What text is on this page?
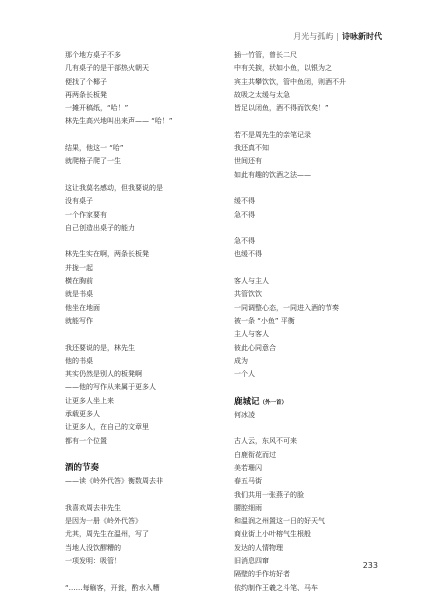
月光与孤屿 | 诗咏新时代
那个地方桌子不多
几有桌子的是干部热火朝天
便找了个椰子
再两条长板凳
一摊开稿纸，“哈！”
林先生高兴地叫出来声—— “哈！”
结果，他这一 “哈”
就爬格子爬了一生
这让我莫名感动，但我要说的是
没有桌子
一个作家要有
自己创造出桌子的能力
林先生实在啊，两条长板凳
并拢一起
横在胸前
就是书桌
他坐在地面
就能写作
我还要说的是，林先生
他的书桌
其实仍然是别人的板凳啊
——他的写作从来属于更多人
让更多人坐上来
承载更多人
让更多人，在自己的文章里
都有一个位置
酒的节奏
——读《岭外代答》衡数周去非
我喜欢周去非先生
是因为一册《岭外代答》
尤其，周先生在温州，写了
当地人没饮醪糟的
一项发明：吸管！
“……每觞客，开瓮，酌水入糟
插一竹管，曾长二尺
中有关捩，状如小鱼，以银为之
宾主共攀饮饮，管中鱼闭，则酒不升
故吸之太缓与太急
皆足以闭鱼，酒不得而饮矣！”
若不是周先生的亲笔记录
我还真不知
世间还有
如此有趣的饮酒之法——
缓不得
急不得
急不得
也缓不得
客人与主人
共管饮饮
一同调整心态，一同进入酒的节奏
被一条 “小鱼” 平衡
主人与客人
彼此心同意合
成为
一个人
鹿城记（外一首）
何冰凌
古人云，东风不可来
白鹿衔花而过
美若珊闪
春五马街
我们共用一张燕子的脸
腰腔细雨
和温润之州置这一日的好天气
商业街上小叶榕气生根般
发达的人情物理
旧消息四窜
隔壁的手作坊好者
依约制作王羲之斗笔、马车
233
